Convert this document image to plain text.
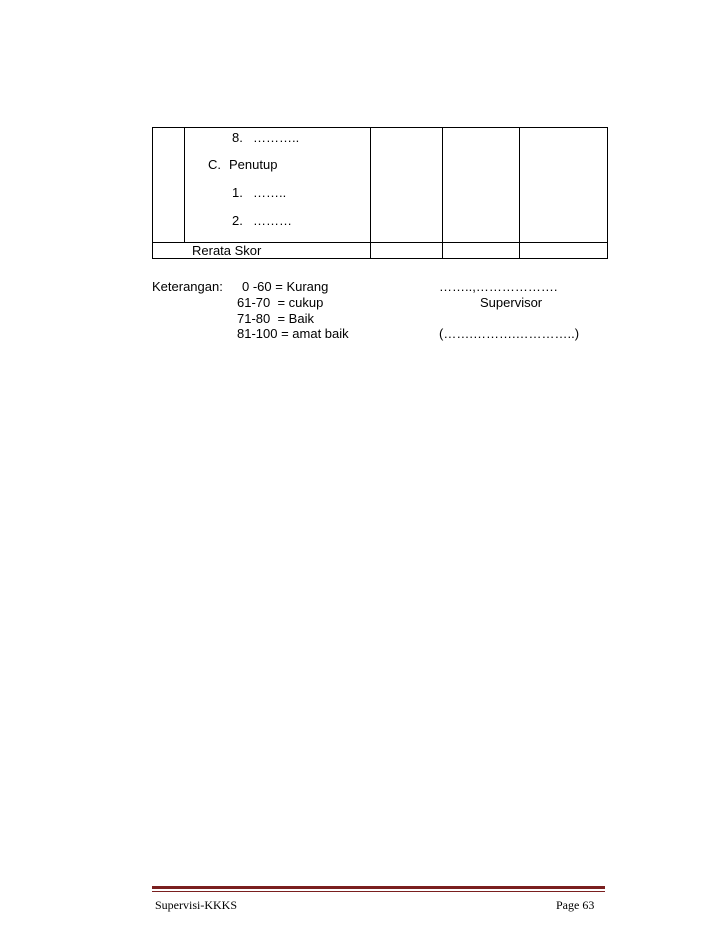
8. ………..
C. Penutup
1. ……..
2. ………
Rerata Skor
Keterangan: 0 -60 = Kurang
61-70  = cukup
71-80  = Baik
81-100 = amat baik
……..,……………….
Supervisor
(…….……….…………..)
Supervisi-KKKS	Page 63
